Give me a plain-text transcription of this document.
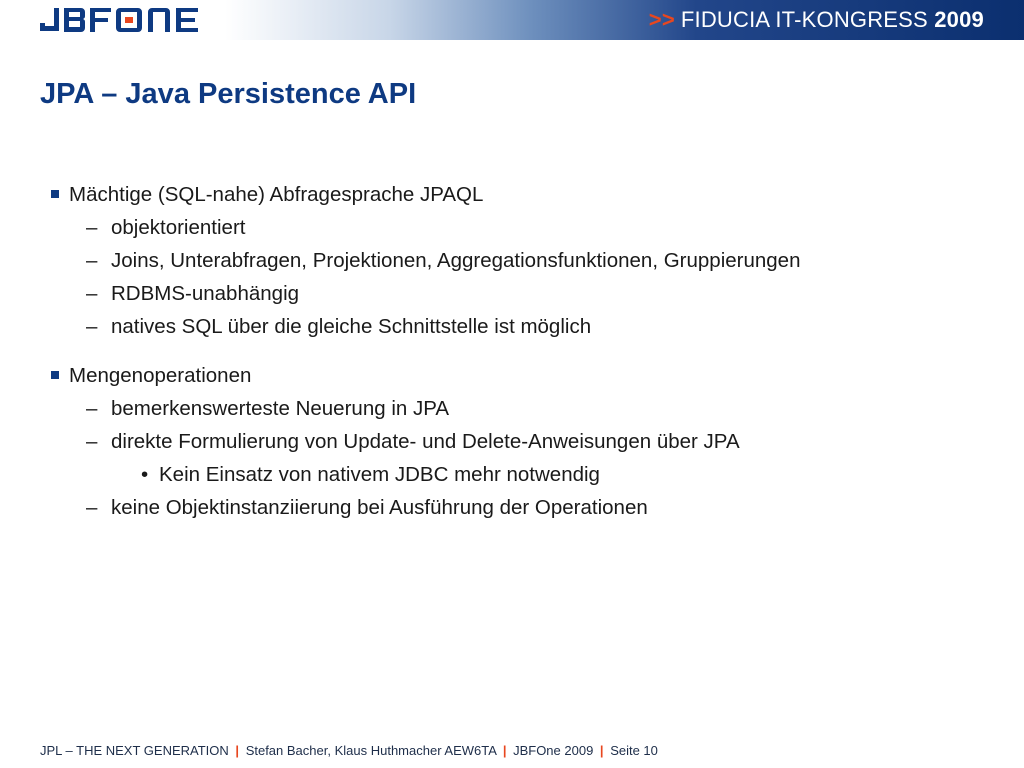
>> FIDUCIA IT-KONGRESS 2009
JPA – Java Persistence API
Mächtige (SQL-nahe) Abfragesprache JPAQL
– objektorientiert
– Joins, Unterabfragen, Projektionen, Aggregationsfunktionen, Gruppierungen
– RDBMS-unabhängig
– natives SQL über die gleiche Schnittstelle ist möglich
Mengenoperationen
– bemerkenswerteste Neuerung in JPA
– direkte Formulierung von Update- und Delete-Anweisungen über JPA
• Kein Einsatz von nativem JDBC mehr notwendig
– keine Objektinstanziierung bei Ausführung der Operationen
JPL – THE NEXT GENERATION | Stefan Bacher, Klaus Huthmacher AEW6TA | JBFOne 2009 | Seite 10
